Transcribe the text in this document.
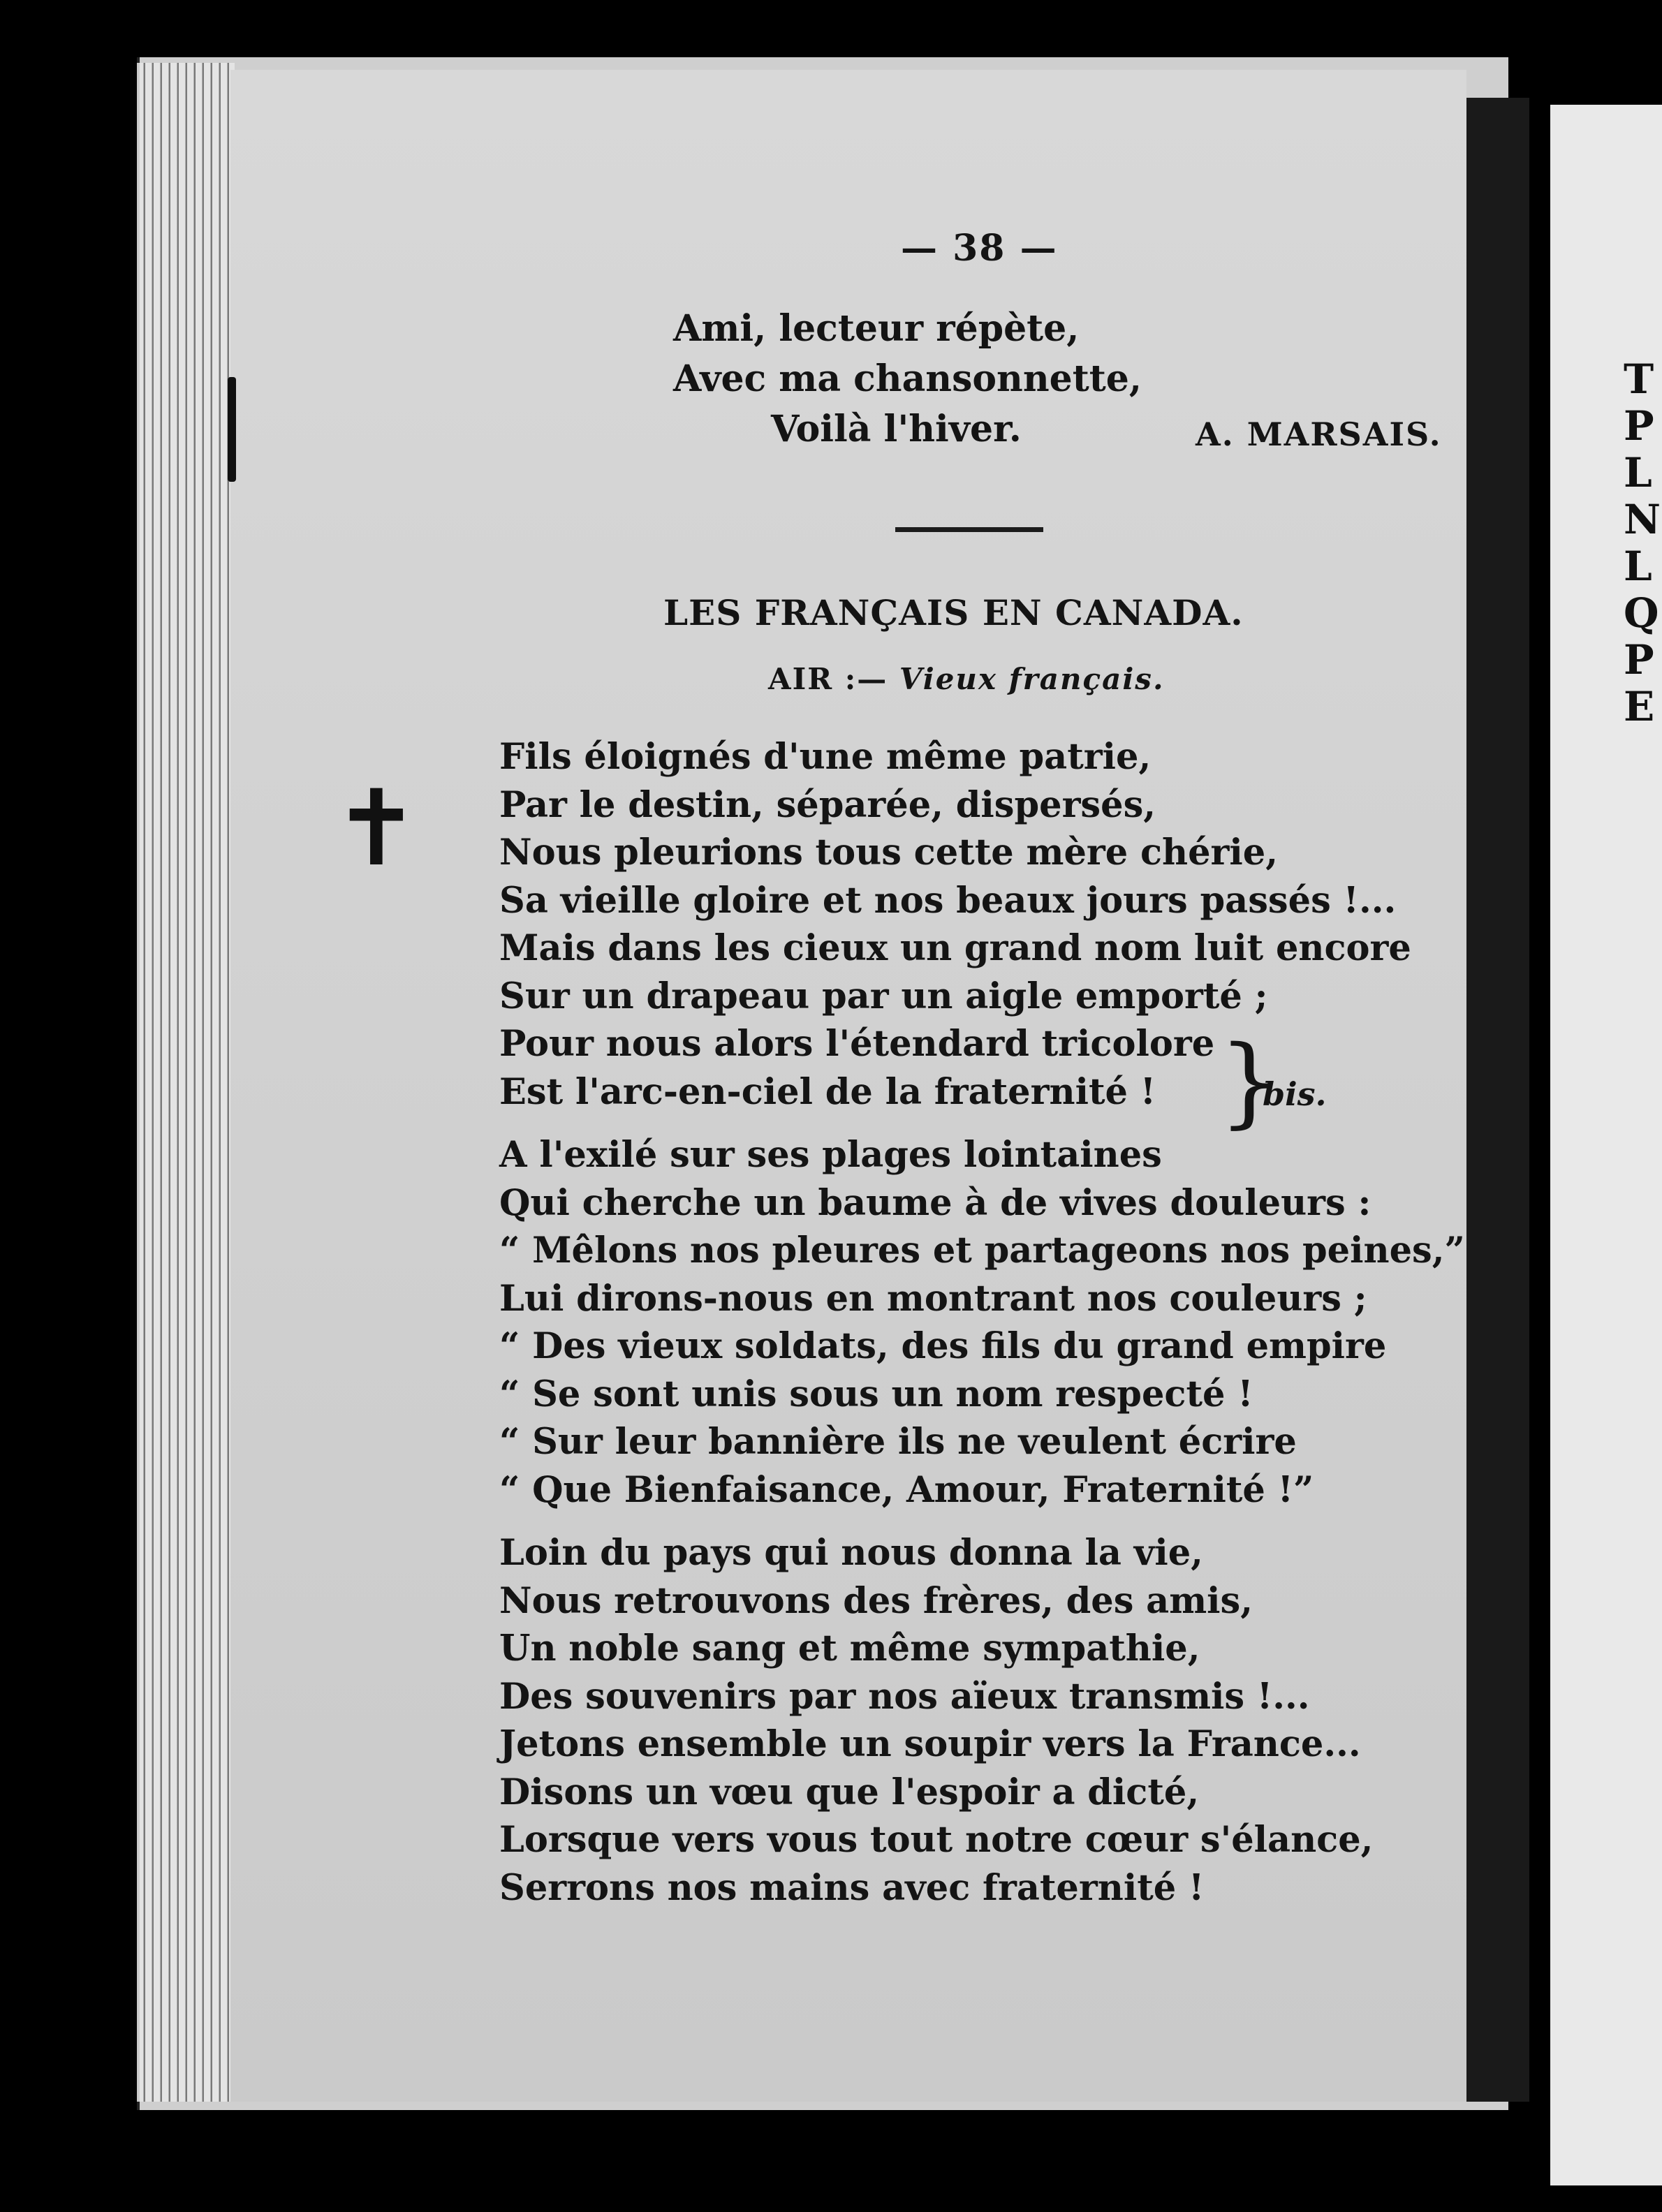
T
P
L
N
L
Q
P
E
✝
— 38 —
Ami, lecteur répète,
Avec ma chansonnette,
Voilà l'hiver.	A. MARSAIS.
LES FRANÇAIS EN CANADA.
AIR :— Vieux français.
Fils éloignés d'une même patrie,
Par le destin, séparée, dispersés,
Nous pleurions tous cette mère chérie,
Sa vieille gloire et nos beaux jours passés !...
Mais dans les cieux un grand nom luit encore
Sur un drapeau par un aigle emporté ;
Pour nous alors l'étendard tricolore
Est l'arc-en-ciel de la fraternité !
A l'exilé sur ses plages lointaines
Qui cherche un baume à de vives douleurs :
“ Mêlons nos pleures et partageons nos peines,”
Lui dirons-nous en montrant nos couleurs ;
“ Des vieux soldats, des fils du grand empire
“ Se sont unis sous un nom respecté !
“ Sur leur bannière ils ne veulent écrire
“ Que Bienfaisance, Amour, Fraternité !”
Loin du pays qui nous donna la vie,
Nous retrouvons des frères, des amis,
Un noble sang et même sympathie,
Des souvenirs par nos aïeux transmis !...
Jetons ensemble un soupir vers la France...
Disons un vœu que l'espoir a dicté,
Lorsque vers vous tout notre cœur s'élance,
Serrons nos mains avec fraternité !
}
bis.
